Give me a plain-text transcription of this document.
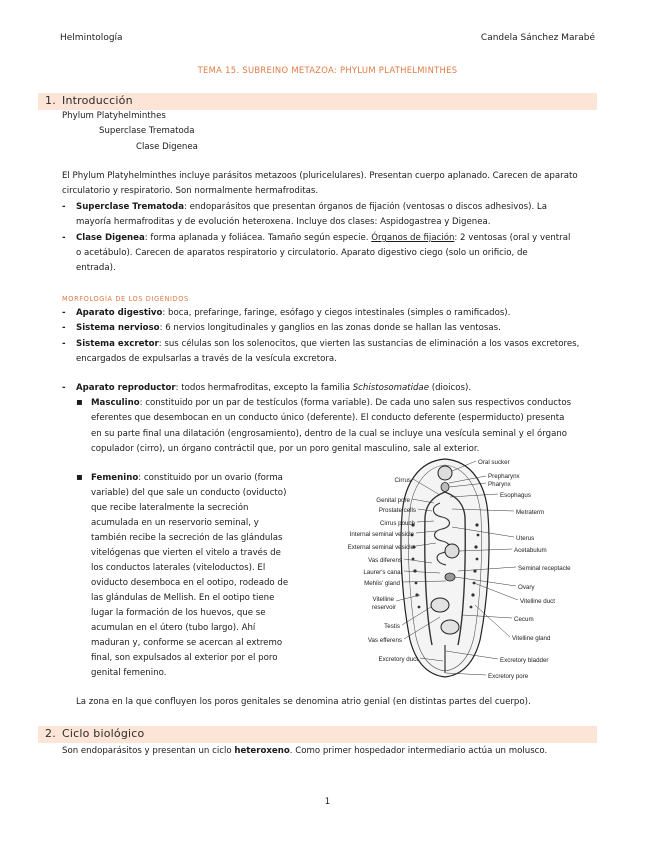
Helmintología	Candela Sánchez Marabé
TEMA 15. SUBREINO METAZOA: PHYLUM PLATHELMINTHES
1. Introducción
Phylum Platyhelminthes
Superclase Trematoda
Clase Digenea
El Phylum Platyhelminthes incluye parásitos metazoos (pluricelulares). Presentan cuerpo aplanado. Carecen de aparato
circulatorio y respiratorio. Son normalmente hermafroditas.
- Superclase Trematoda: endoparásitos que presentan órganos de fijación (ventosas o discos adhesivos). La
mayoría hermafroditas y de evolución heteroxena. Incluye dos clases: Aspidogastrea y Digenea.
- Clase Digenea: forma aplanada y foliácea. Tamaño según especie. Órganos de fijación: 2 ventosas (oral y ventral
o acetábulo). Carecen de aparatos respiratorio y circulatorio. Aparato digestivo ciego (solo un orificio, de
entrada).
MORFOLOGÍA DE LOS DIGÉNIDOS
- Aparato digestivo: boca, prefaringe, faringe, esófago y ciegos intestinales (simples o ramificados).
- Sistema nervioso: 6 nervios longitudinales y ganglios en las zonas donde se hallan las ventosas.
- Sistema excretor: sus células son los solenocitos, que vierten las sustancias de eliminación a los vasos excretores,
encargados de expulsarlas a través de la vesícula excretora.
- Aparato reproductor: todos hermafroditas, excepto la familia Schistosomatidae (dioicos).
▪ Masculino: constituido por un par de testículos (forma variable). De cada uno salen sus respectivos conductos
eferentes que desembocan en un conducto único (deferente). El conducto deferente (espermiducto) presenta
en su parte final una dilatación (engrosamiento), dentro de la cual se incluye una vesícula seminal y el órgano
copulador (cirro), un órgano contráctil que, por un poro genital masculino, sale al exterior.
▪ Femenino: constituido por un ovario (forma
variable) del que sale un conducto (oviducto)
que recibe lateralmente la secreción
acumulada en un reservorio seminal, y
también recibe la secreción de las glándulas
vitelógenas que vierten el vitelo a través de
los conductos laterales (viteloductos). El
oviducto desemboca en el ootipo, rodeado de
las glándulas de Mellish. En el ootipo tiene
lugar la formación de los huevos, que se
acumulan en el útero (tubo largo). Ahí
maduran y, conforme se acercan al extremo
final, son expulsados al exterior por el poro
genital femenino.
Cirrus
Genital pore
Prostate cells
Cirrus pouch
Internal seminal vesicle
External seminal vesicle
Vas diferens
Laurer's canal
Mehlis' gland
Vitelline
reservoir
Testis
Vas efferens
Excretory duct
Oral sucker
Prepharynx
Pharynx
Esophagus
Metraterm
Uterus
Acetabulum
Seminal receptacle
Ovary
Vitelline duct
Cecum
Vitelline gland
Excretory bladder
Excretory pore
La zona en la que confluyen los poros genitales se denomina atrio genial (en distintas partes del cuerpo).
2. Ciclo biológico
Son endoparásitos y presentan un ciclo heteroxeno. Como primer hospedador intermediario actúa un molusco.
1
